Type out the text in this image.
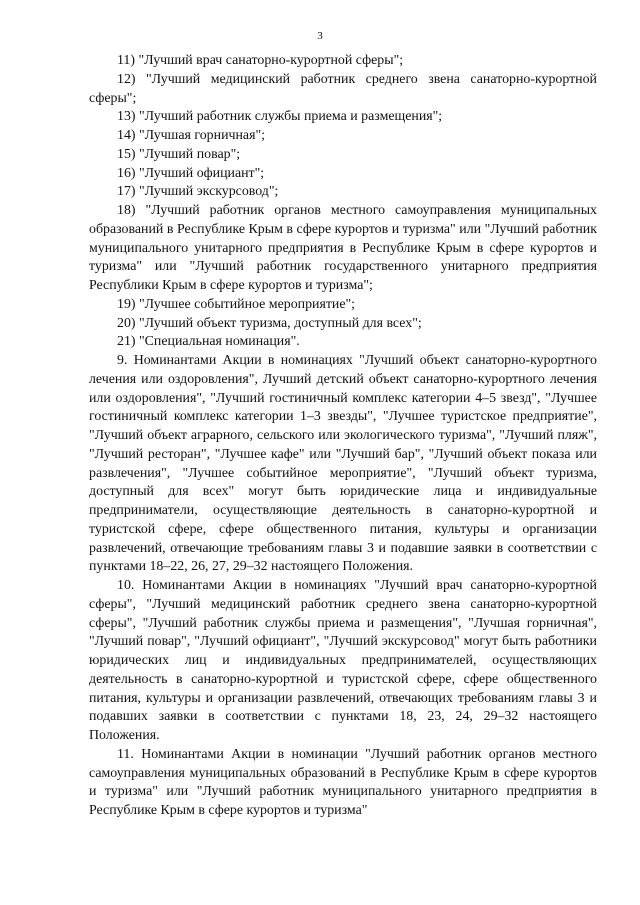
3

11) "Лучший врач санаторно-курортной сферы";

12) "Лучший медицинский работник среднего звена санаторно-курортной сферы";

13) "Лучший работник службы приема и размещения";

14) "Лучшая горничная";

15) "Лучший повар";

16) "Лучший официант";

17) "Лучший экскурсовод";

18) "Лучший работник органов местного самоуправления муниципальных образований в Республике Крым в сфере курортов и туризма" или "Лучший работник муниципального унитарного предприятия в Республике Крым в сфере курортов и туризма" или "Лучший работник государственного унитарного предприятия Республики Крым в сфере курортов и туризма";

19) "Лучшее событийное мероприятие";

20) "Лучший объект туризма, доступный для всех";

21) "Специальная номинация".

9. Номинантами Акции в номинациях "Лучший объект санаторно-курортного лечения или оздоровления", Лучший детский объект санаторно-курортного лечения или оздоровления", "Лучший гостиничный комплекс категории 4–5 звезд", "Лучшее гостиничный комплекс категории 1–3 звезды", "Лучшее туристское предприятие", "Лучший объект аграрного, сельского или экологического туризма", "Лучший пляж", "Лучший ресторан", "Лучшее кафе" или "Лучший бар", "Лучший объект показа или развлечения", "Лучшее событийное мероприятие", "Лучший объект туризма, доступный для всех" могут быть юридические лица и индивидуальные предприниматели, осуществляющие деятельность в санаторно-курортной и туристской сфере, сфере общественного питания, культуры и организации развлечений, отвечающие требованиям главы 3 и подавшие заявки в соответствии с пунктами 18–22, 26, 27, 29–32 настоящего Положения.

10. Номинантами Акции в номинациях "Лучший врач санаторно-курортной сферы", "Лучший медицинский работник среднего звена санаторно-курортной сферы", "Лучший работник службы приема и размещения", "Лучшая горничная", "Лучший повар", "Лучший официант", "Лучший экскурсовод" могут быть работники юридических лиц и индивидуальных предпринимателей, осуществляющих деятельность в санаторно-курортной и туристской сфере, сфере общественного питания, культуры и организации развлечений, отвечающих требованиям главы 3 и подавших заявки в соответствии с пунктами 18, 23, 24, 29–32 настоящего Положения.

11. Номинантами Акции в номинации "Лучший работник органов местного самоуправления муниципальных образований в Республике Крым в сфере курортов и туризма" или "Лучший работник муниципального унитарного предприятия в Республике Крым в сфере курортов и туризма"
